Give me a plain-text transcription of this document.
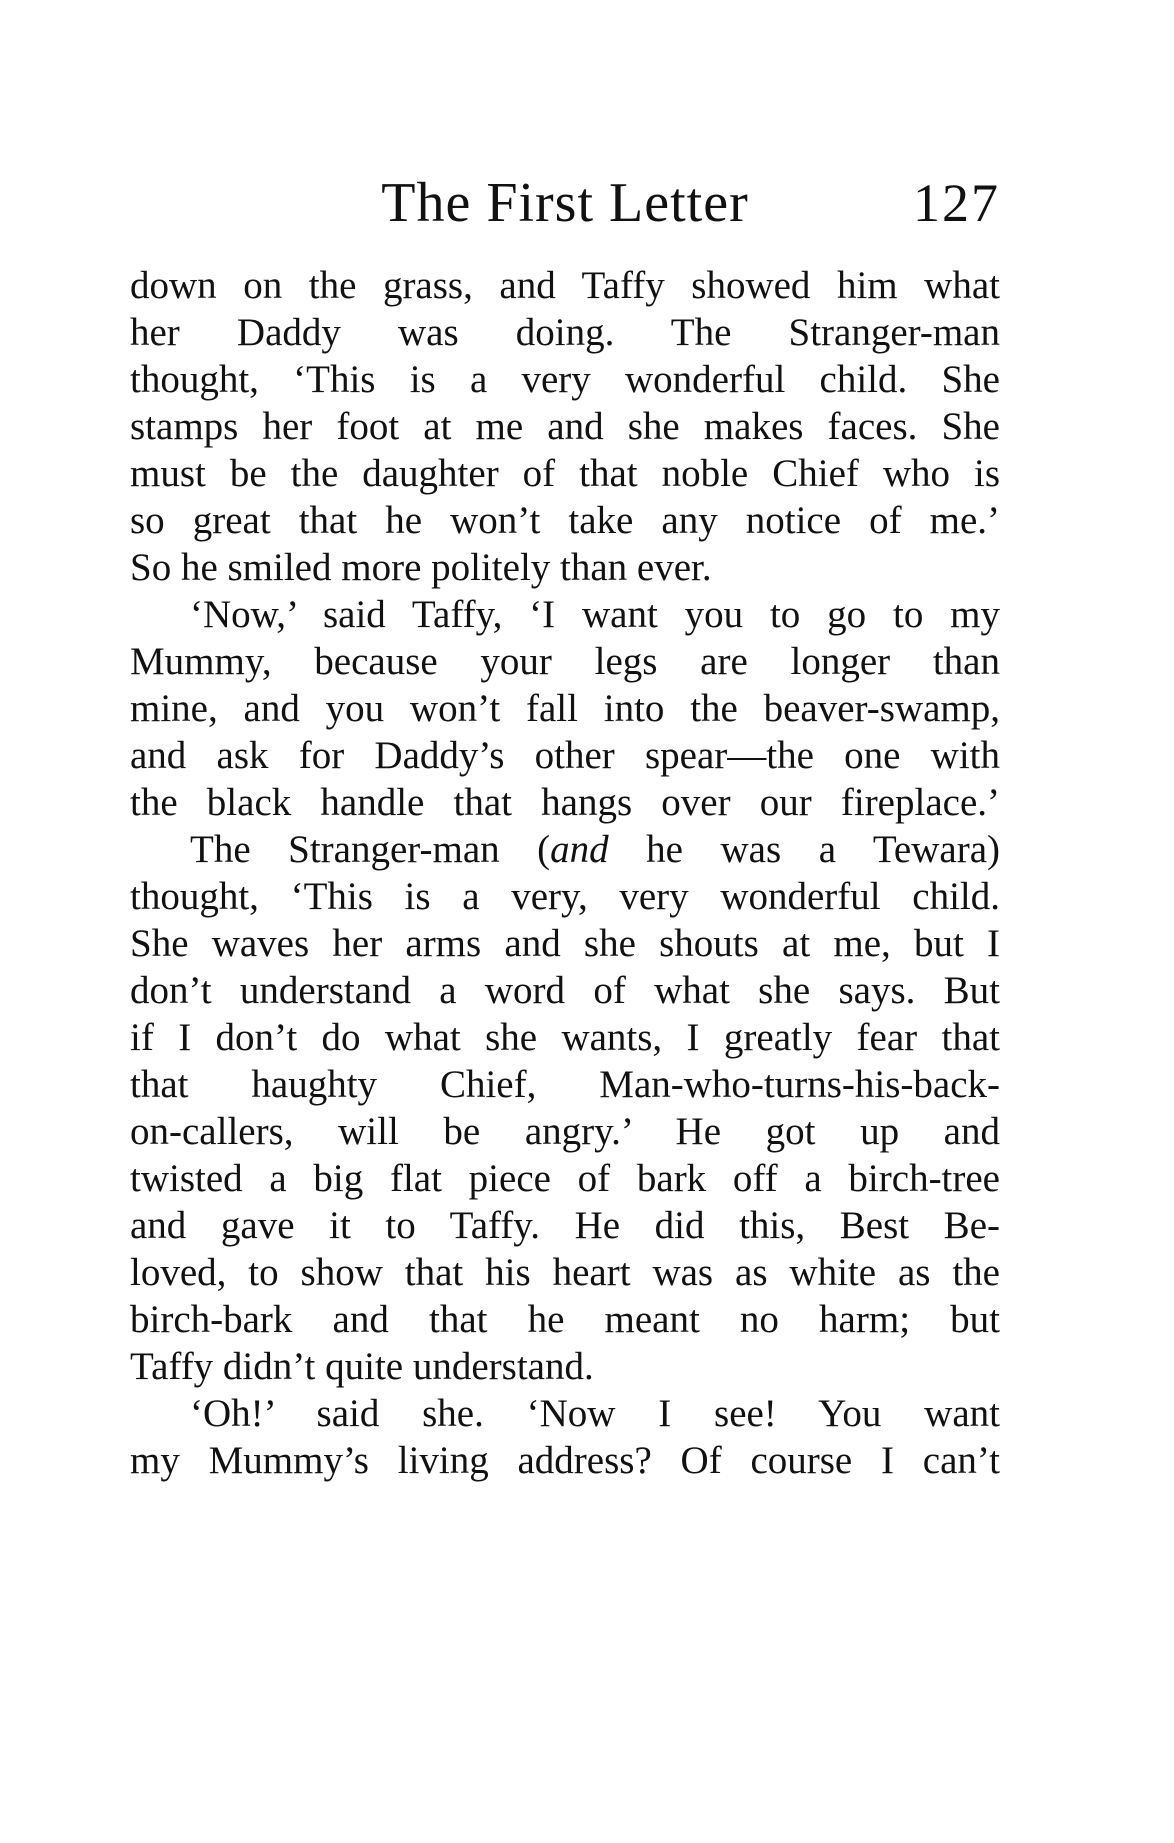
The First Letter	127
down on the grass, and Taffy showed him what
her Daddy was doing. The Stranger-man
thought, ‘This is a very wonderful child. She
stamps her foot at me and she makes faces. She
must be the daughter of that noble Chief who is
so great that he won’t take any notice of me.’
So he smiled more politely than ever.
‘Now,’ said Taffy, ‘I want you to go to my
Mummy, because your legs are longer than
mine, and you won’t fall into the beaver-swamp,
and ask for Daddy’s other spear—the one with
the black handle that hangs over our fireplace.’
The Stranger-man (and he was a Tewara)
thought, ‘This is a very, very wonderful child.
She waves her arms and she shouts at me, but I
don’t understand a word of what she says. But
if I don’t do what she wants, I greatly fear that
that haughty Chief, Man-who-turns-his-back-
on-callers, will be angry.’ He got up and
twisted a big flat piece of bark off a birch-tree
and gave it to Taffy. He did this, Best Be-
loved, to show that his heart was as white as the
birch-bark and that he meant no harm; but
Taffy didn’t quite understand.
‘Oh!’ said she. ‘Now I see! You want
my Mummy’s living address? Of course I can’t
